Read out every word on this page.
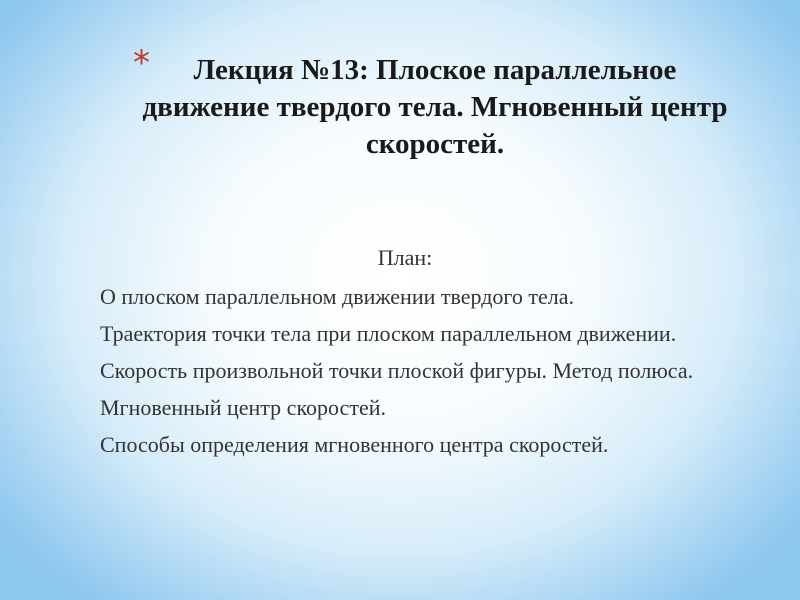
*	Лекция №13: Плоское параллельное движение твердого тела. Мгновенный центр скоростей.
План:
О плоском параллельном движении твердого тела.
Траектория точки тела при плоском параллельном движении.
Скорость произвольной точки плоской фигуры. Метод полюса.
Мгновенный центр скоростей.
Способы определения мгновенного центра скоростей.
